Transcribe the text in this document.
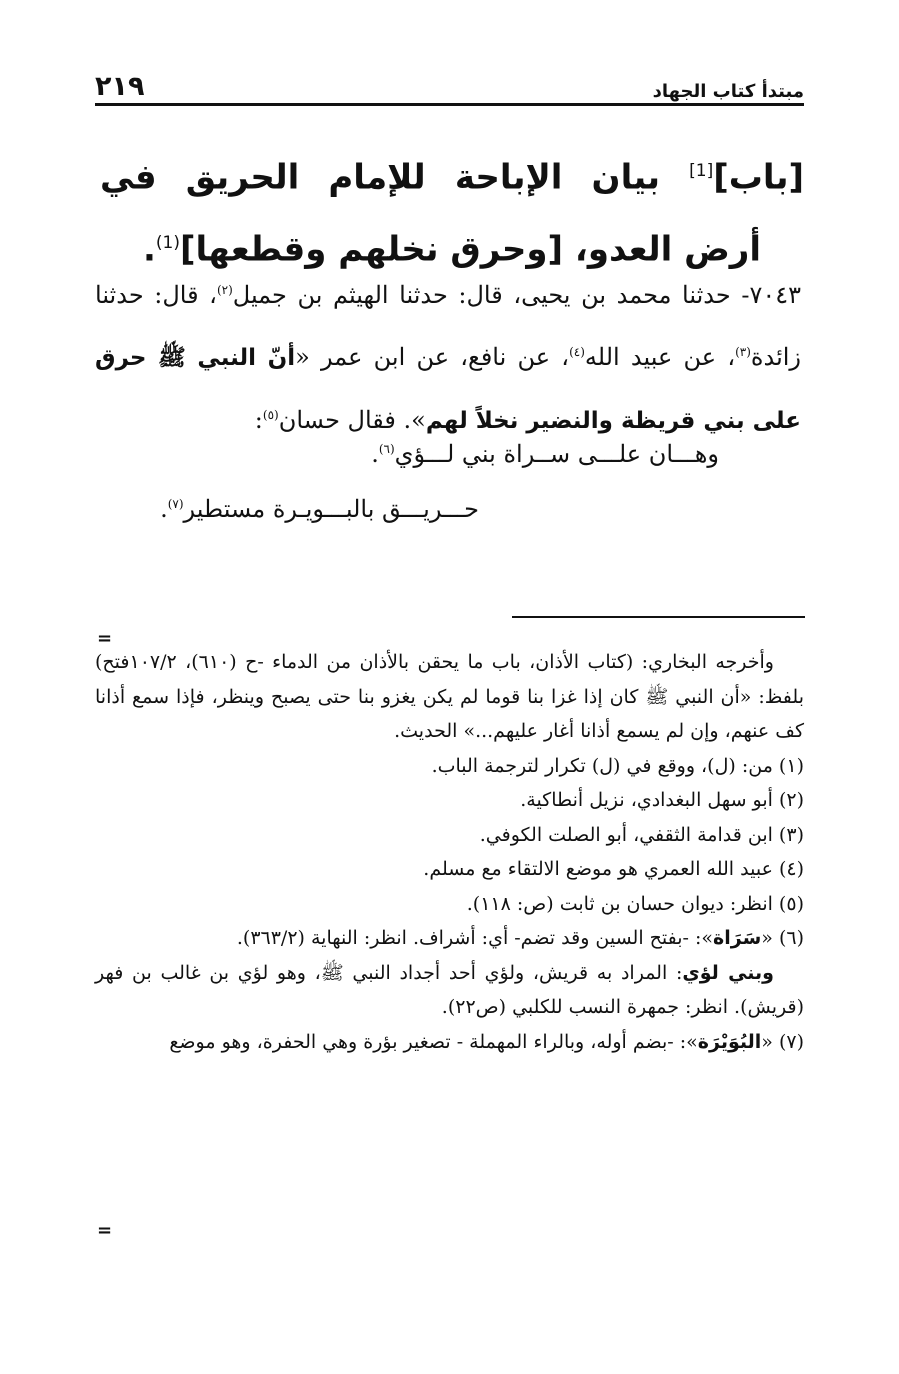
مبتدأ كتاب الجهاد
٢١٩
[باب][1] بيان الإباحة للإمام الحريق في أرض العدو، [وحرق نخلهم وقطعها]$^{(1)}$.
٧٠٤٣- حدثنا محمد بن يحيى، قال: حدثنا الهيثم بن جميل$^{(٢)}$، قال: حدثنا زائدة$^{(٣)}$، عن عبيد الله$^{(٤)}$، عن نافع، عن ابن عمر «أنّ النبي ﷺ حرق على بني قريظة والنضير نخلاً لهم». فقال حسان$^{(٥)}$:
وهـــان علـــى ســراة بني لـــؤي$^{(٦)}$.
حـــريـــق بالبـــويـرة مستطير$^{(٧)}$.
=

وأخرجه البخاري: (كتاب الأذان، باب ما يحقن بالأذان من الدماء -ح (٦١٠)، ١٠٧/٢فتح) بلفظ: «أن النبي ﷺ كان إذا غزا بنا قوما لم يكن يغزو بنا حتى يصبح وينظر، فإذا سمع أذانا كف عنهم، وإن لم يسمع أذانا أغار عليهم...» الحديث.

(١) من: (ل)، ووقع في (ل) تكرار لترجمة الباب.

(٢) أبو سهل البغدادي، نزيل أنطاكية.

(٣) ابن قدامة الثقفي، أبو الصلت الكوفي.

(٤) عبيد الله العمري هو موضع الالتقاء مع مسلم.

(٥) انظر: ديوان حسان بن ثابت (ص: ١١٨).

(٦) «سَرَاة»: -بفتح السين وقد تضم- أي: أشراف. انظر: النهاية (٣٦٣/٢).

وبني لؤي: المراد به قريش، ولؤي أحد أجداد النبي ﷺ، وهو لؤي بن غالب بن فهر (قريش). انظر: جمهرة النسب للكلبي (ص٢٢).

(٧) «البُوَيْرَة»: -بضم أوله، وبالراء المهملة - تصغير بؤرة وهي الحفرة، وهو موضع

=
